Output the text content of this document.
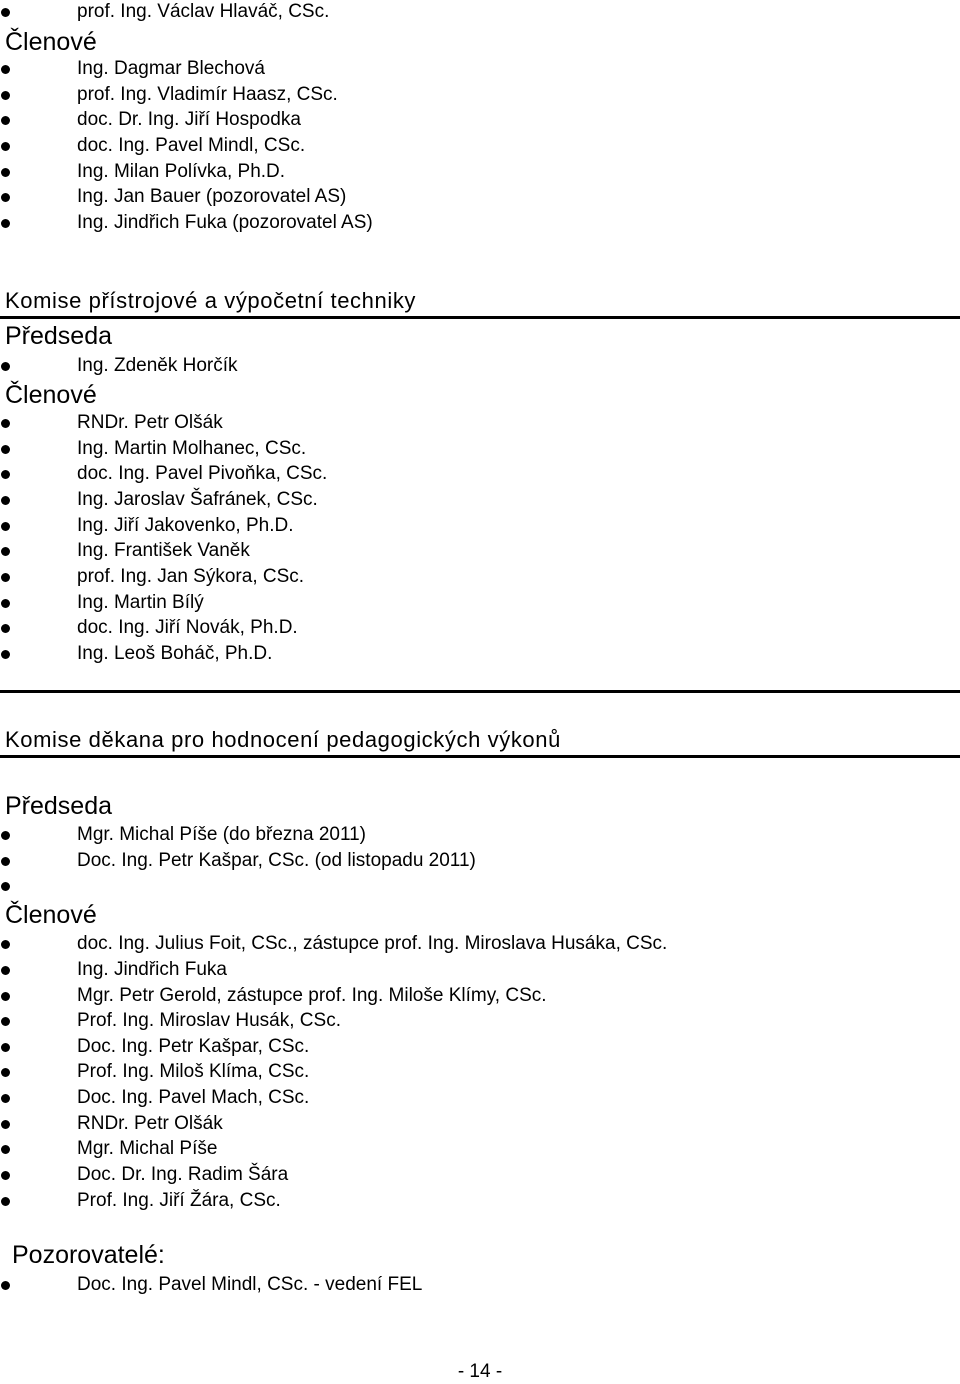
prof. Ing. Václav Hlaváč, CSc.
Členové
Ing. Dagmar Blechová
prof. Ing. Vladimír Haasz, CSc.
doc. Dr. Ing. Jiří Hospodka
doc. Ing. Pavel Mindl, CSc.
Ing. Milan Polívka, Ph.D.
Ing. Jan Bauer (pozorovatel AS)
Ing. Jindřich Fuka (pozorovatel AS)
Komise přístrojové a výpočetní techniky
Předseda
Ing. Zdeněk Horčík
Členové
RNDr. Petr Olšák
Ing. Martin Molhanec, CSc.
doc. Ing. Pavel Pivoňka, CSc.
Ing. Jaroslav Šafránek, CSc.
Ing. Jiří Jakovenko, Ph.D.
Ing. František Vaněk
prof. Ing. Jan Sýkora, CSc.
Ing. Martin Bílý
doc. Ing. Jiří Novák, Ph.D.
Ing. Leoš Boháč, Ph.D.
Komise děkana pro hodnocení pedagogických výkonů
Předseda
Mgr. Michal Píše (do března 2011)
Doc. Ing. Petr Kašpar, CSc. (od listopadu 2011)
Členové
doc. Ing. Julius Foit, CSc., zástupce prof. Ing. Miroslava Husáka, CSc.
Ing. Jindřich Fuka
Mgr. Petr Gerold, zástupce prof. Ing. Miloše Klímy, CSc.
Prof. Ing. Miroslav Husák, CSc.
Doc. Ing. Petr Kašpar, CSc.
Prof. Ing. Miloš Klíma, CSc.
Doc. Ing. Pavel Mach, CSc.
RNDr. Petr Olšák
Mgr. Michal Píše
Doc. Dr. Ing. Radim Šára
Prof. Ing. Jiří Žára, CSc.
Pozorovatelé:
Doc. Ing. Pavel Mindl, CSc. - vedení FEL
- 14 -
